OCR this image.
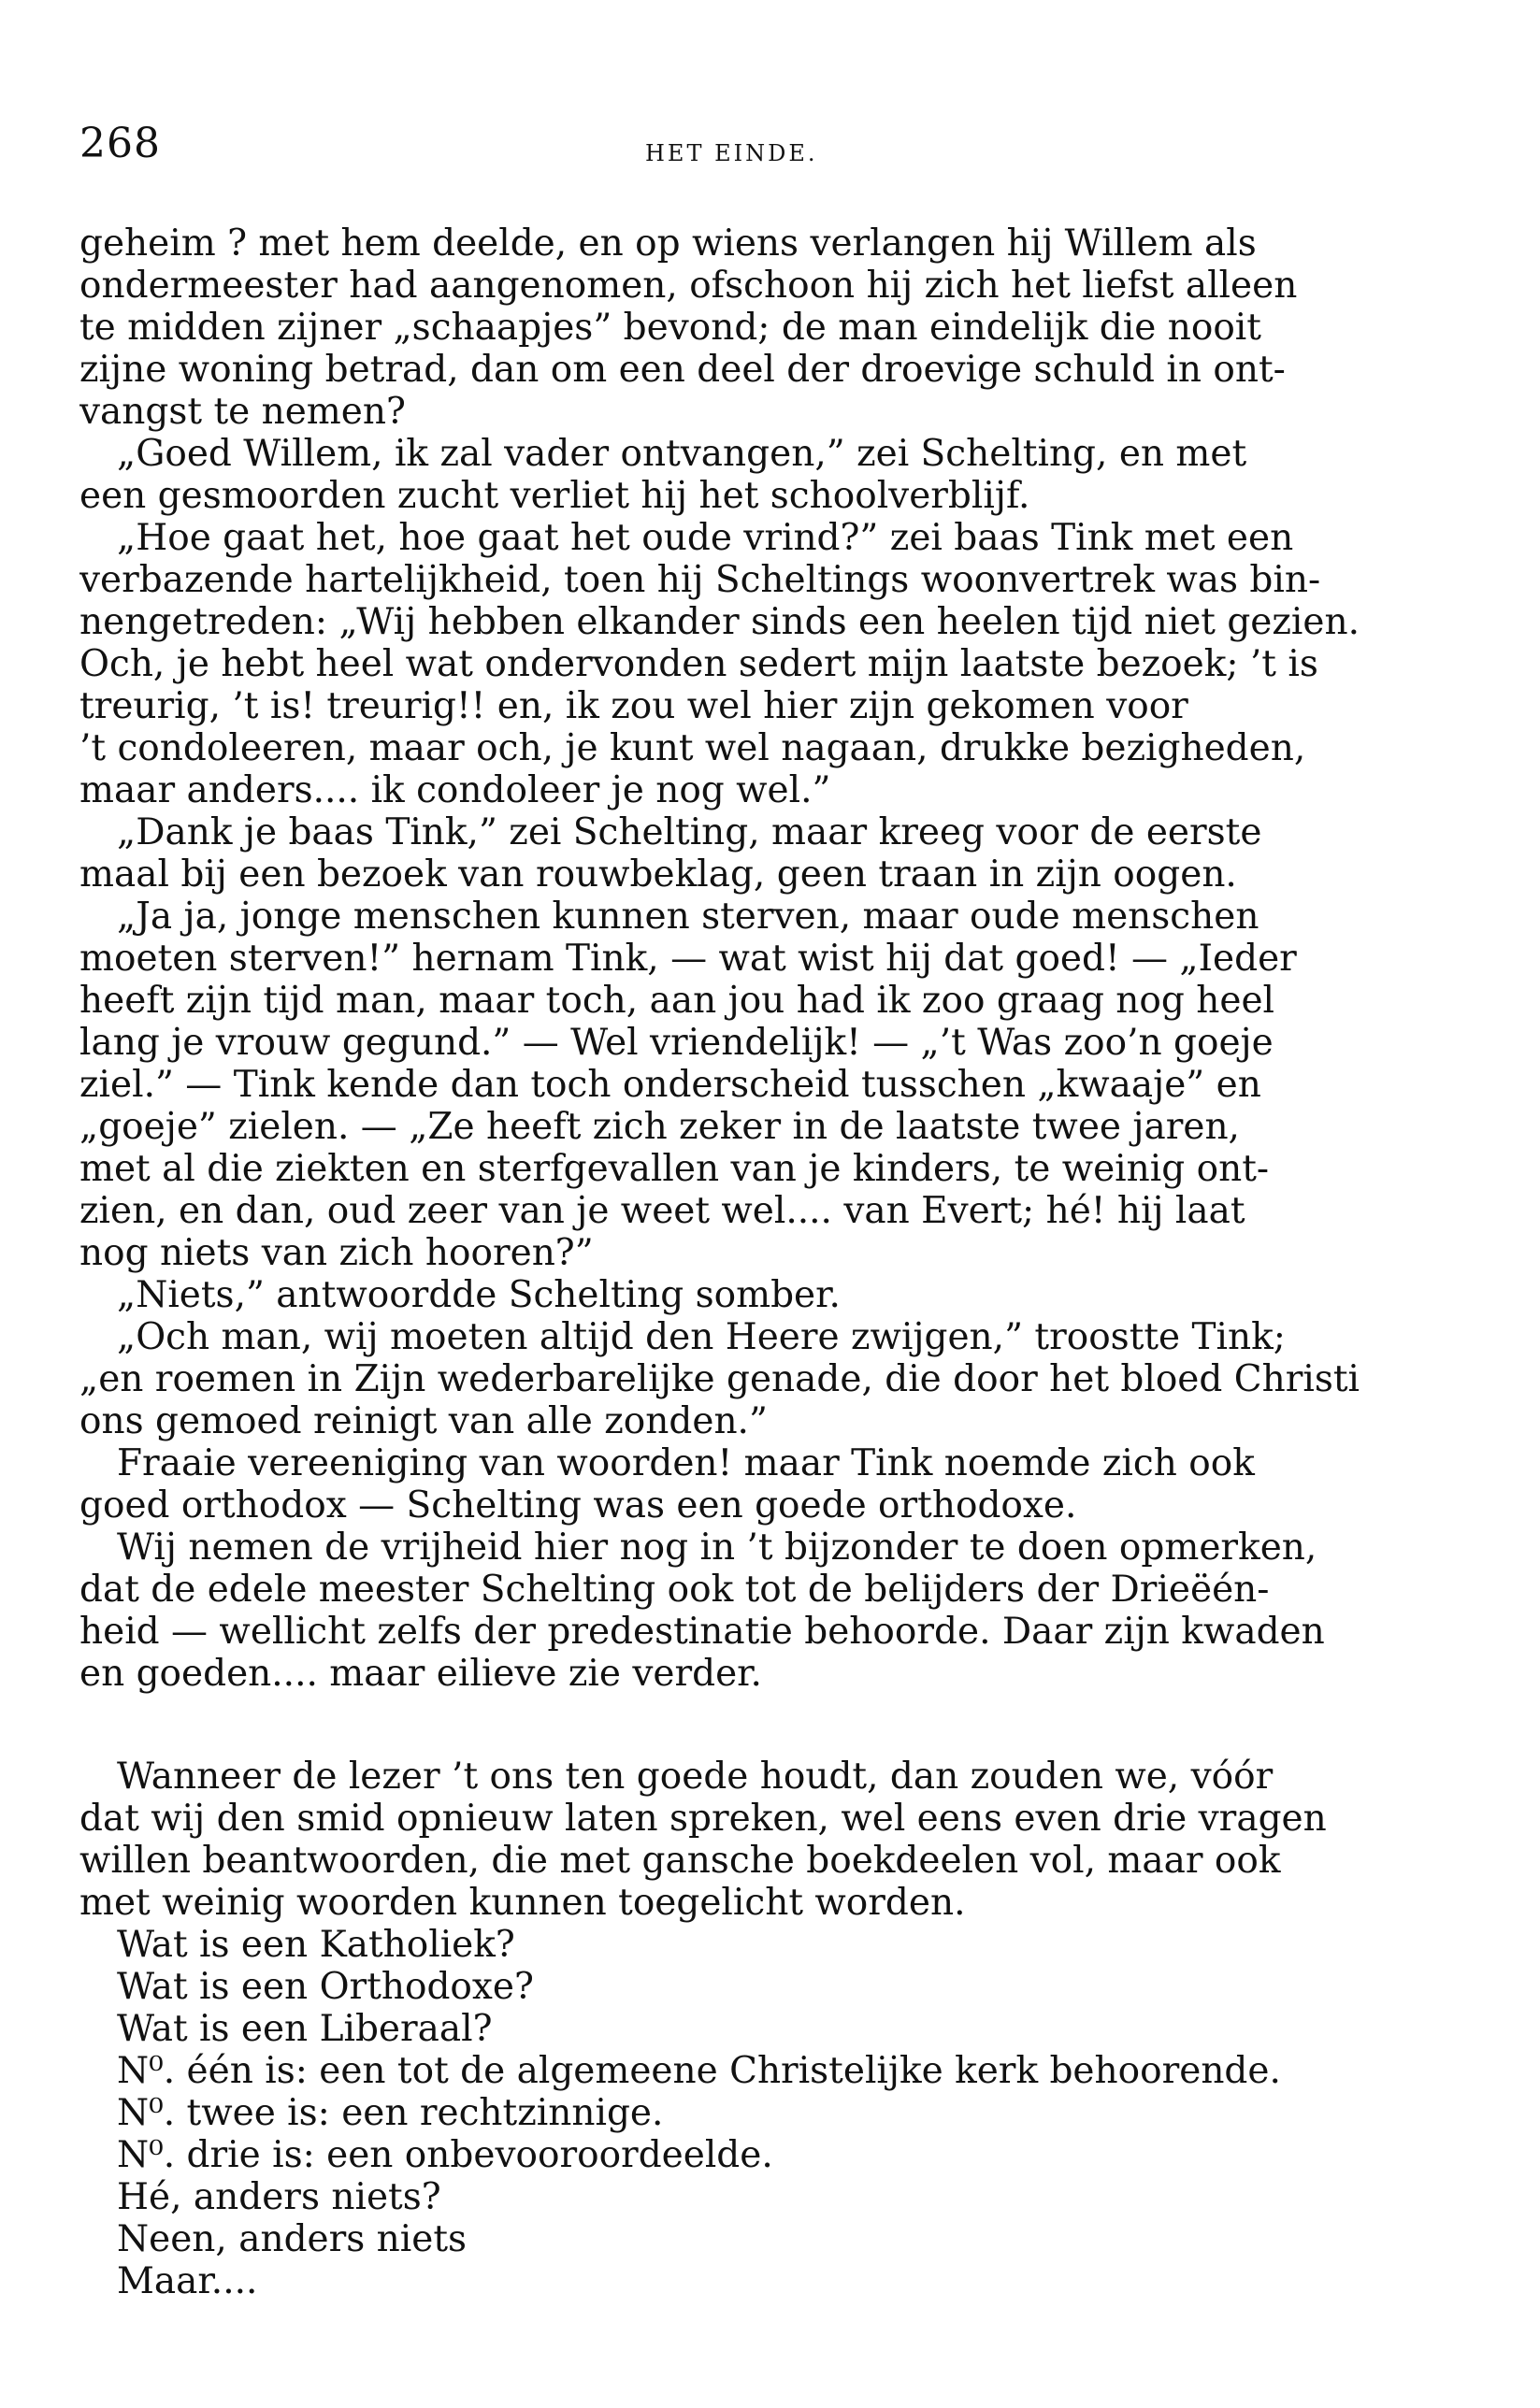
268	HET EINDE.
geheim ? met hem deelde, en op wiens verlangen hij Willem als
ondermeester had aangenomen, ofschoon hij zich het liefst alleen
te midden zijner „schaapjes” bevond; de man eindelijk die nooit
zijne woning betrad, dan om een deel der droevige schuld in ont-
vangst te nemen?
„Goed Willem, ik zal vader ontvangen,” zei Schelting, en met
een gesmoorden zucht verliet hij het schoolverblijf.
„Hoe gaat het, hoe gaat het oude vrind?” zei baas Tink met een
verbazende hartelijkheid, toen hij Scheltings woonvertrek was bin-
nengetreden: „Wij hebben elkander sinds een heelen tijd niet gezien.
Och, je hebt heel wat ondervonden sedert mijn laatste bezoek; ’t is
treurig, ’t is! treurig!! en, ik zou wel hier zijn gekomen voor
’t condoleeren, maar och, je kunt wel nagaan, drukke bezigheden,
maar anders.... ik condoleer je nog wel.”
„Dank je baas Tink,” zei Schelting, maar kreeg voor de eerste
maal bij een bezoek van rouwbeklag, geen traan in zijn oogen.
„Ja ja, jonge menschen kunnen sterven, maar oude menschen
moeten sterven!” hernam Tink, — wat wist hij dat goed! — „Ieder
heeft zijn tijd man, maar toch, aan jou had ik zoo graag nog heel
lang je vrouw gegund.” — Wel vriendelijk! — „’t Was zoo’n goeje
ziel.” — Tink kende dan toch onderscheid tusschen „kwaaje” en
„goeje” zielen. — „Ze heeft zich zeker in de laatste twee jaren,
met al die ziekten en sterfgevallen van je kinders, te weinig ont-
zien, en dan, oud zeer van je weet wel.... van Evert; hé! hij laat
nog niets van zich hooren?”
„Niets,” antwoordde Schelting somber.
„Och man, wij moeten altijd den Heere zwijgen,” troostte Tink;
„en roemen in Zijn wederbarelijke genade, die door het bloed Christi
ons gemoed reinigt van alle zonden.”
Fraaie vereeniging van woorden! maar Tink noemde zich ook
goed orthodox — Schelting was een goede orthodoxe.
Wij nemen de vrijheid hier nog in ’t bijzonder te doen opmerken,
dat de edele meester Schelting ook tot de belijders der Drieëén-
heid — wellicht zelfs der predestinatie behoorde. Daar zijn kwaden
en goeden.... maar eilieve zie verder.
Wanneer de lezer ’t ons ten goede houdt, dan zouden we, vóór
dat wij den smid opnieuw laten spreken, wel eens even drie vragen
willen beantwoorden, die met gansche boekdeelen vol, maar ook
met weinig woorden kunnen toegelicht worden.
Wat is een Katholiek?
Wat is een Orthodoxe?
Wat is een Liberaal?
N⁰. één is: een tot de algemeene Christelijke kerk behoorende.
N⁰. twee is: een rechtzinnige.
N⁰. drie is: een onbevooroordeelde.
Hé, anders niets?
Neen, anders niets
Maar....
